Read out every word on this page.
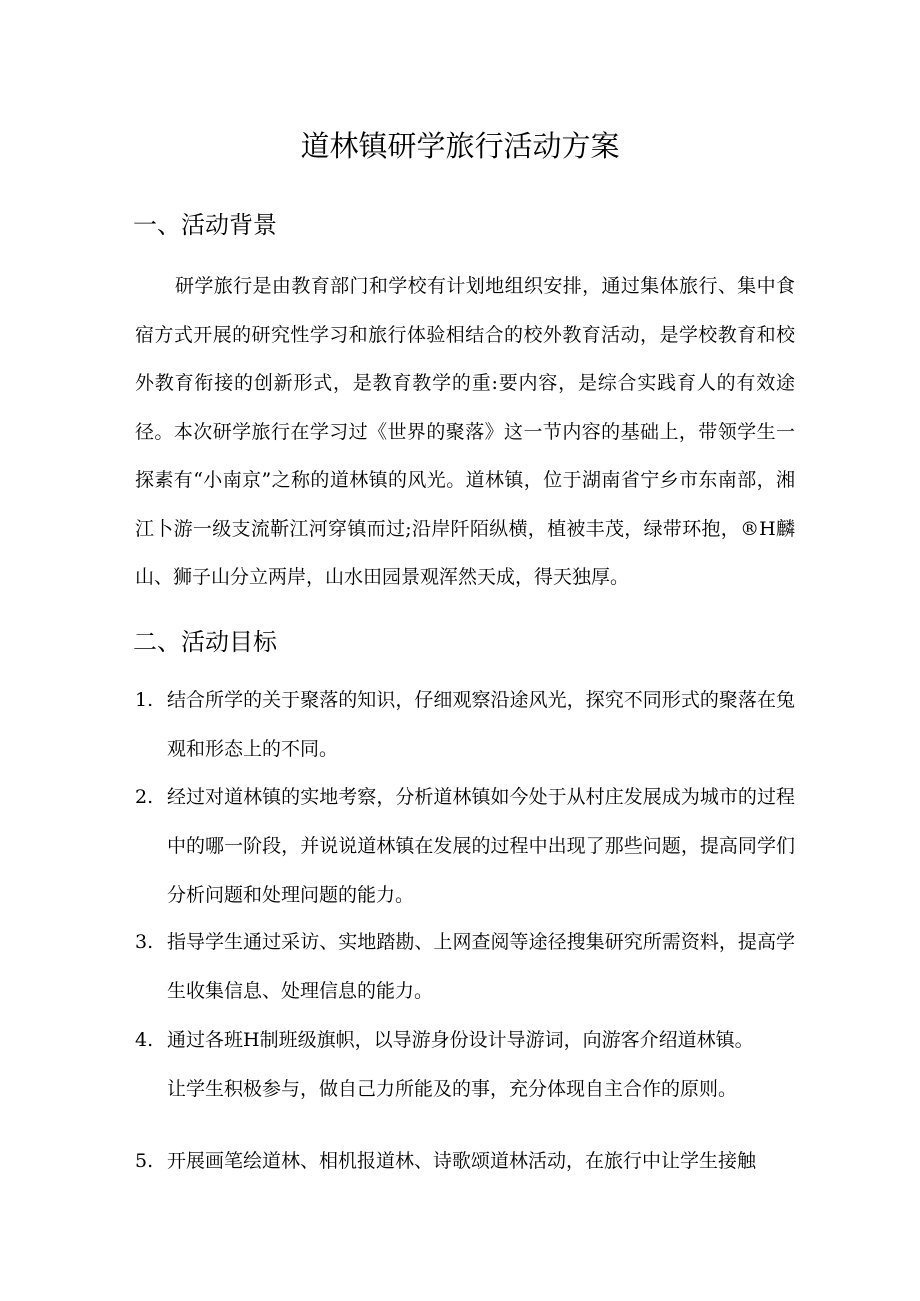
道林镇研学旅行活动方案
一、活动背景

研学旅行是由教育部门和学校有计划地组织安排，通过集体旅行、集中食宿方式开展的研究性学习和旅行体验相结合的校外教育活动，是学校教育和校外教育衔接的创新形式，是教育教学的重:要内容，是综合实践育人的有效途径。本次研学旅行在学习过《世界的聚落》这一节内容的基础上，带领学生一探素有“小南京”之称的道林镇的风光。道林镇，位于湖南省宁乡市东南部，湘江卜游一级支流靳江河穿镇而过;沿岸阡陌纵横，植被丰茂，绿带环抱，®H麟山、狮子山分立两岸，山水田园景观浑然天成，得天独厚。

二、活动目标
1. 结合所学的关于聚落的知识，仔细观察沿途风光，探究不同形式的聚落在兔观和形态上的不同。
2. 经过对道林镇的实地考察，分析道林镇如今处于从村庄发展成为城市的过程中的哪一阶段，并说说道林镇在发展的过程中出现了那些问题，提高同学们分析问题和处理问题的能力。
3. 指导学生通过采访、实地踏勘、上网查阅等途径搜集研究所需资料，提高学生收集信息、处理信息的能力。
4. 通过各班H制班级旗帜，以导游身份设计导游词，向游客介绍道林镇。
让学生积极参与，做自己力所能及的事，充分体现自主合作的原则。
5. 开展画笔绘道林、相机报道林、诗歌颂道林活动，在旅行中让学生接触
